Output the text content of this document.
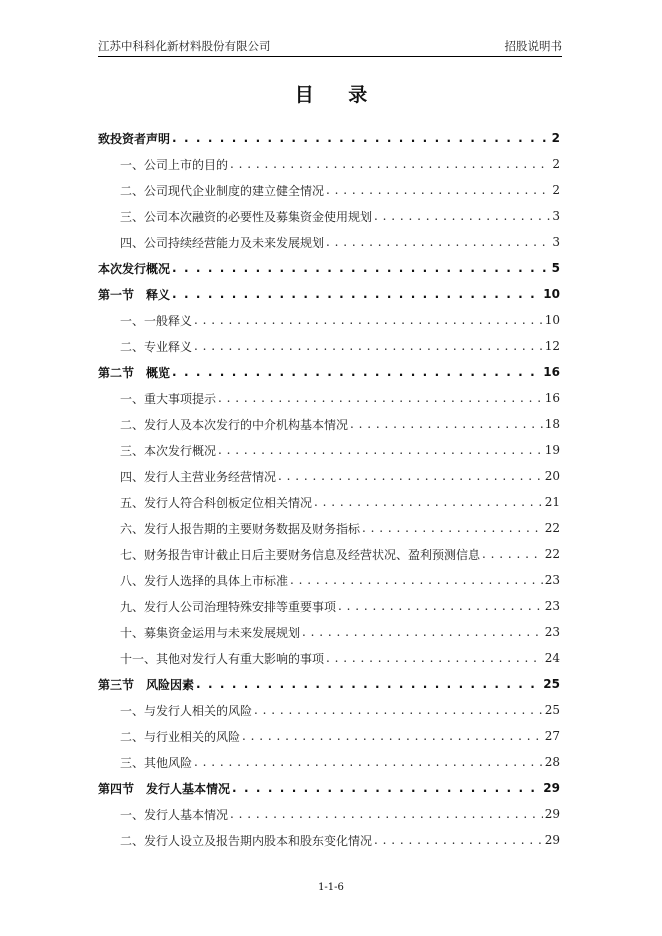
江苏中科科化新材料股份有限公司	招股说明书
目 录
致投资者声明 . . .	2
一、公司上市的目的 . . .	2
二、公司现代企业制度的建立健全情况 . . .	2
三、公司本次融资的必要性及募集资金使用规划 . . .	3
四、公司持续经营能力及未来发展规划 . . .	3
本次发行概况 . . .	5
第一节　释义 . . .	10
一、一般释义 . . .	10
二、专业释义 . . .	12
第二节　概览 . . .	16
一、重大事项提示 . . .	16
二、发行人及本次发行的中介机构基本情况 . . .	18
三、本次发行概况 . . .	19
四、发行人主营业务经营情况 . . .	20
五、发行人符合科创板定位相关情况 . . .	21
六、发行人报告期的主要财务数据及财务指标 . . .	22
七、财务报告审计截止日后主要财务信息及经营状况、盈利预测信息 . . .	22
八、发行人选择的具体上市标准 . . .	23
九、发行人公司治理特殊安排等重要事项 . . .	23
十、募集资金运用与未来发展规划 . . .	23
十一、其他对发行人有重大影响的事项 . . .	24
第三节　风险因素 . . .	25
一、与发行人相关的风险 . . .	25
二、与行业相关的风险 . . .	27
三、其他风险 . . .	28
第四节　发行人基本情况 . . .	29
一、发行人基本情况 . . .	29
二、发行人设立及报告期内股本和股东变化情况 . . .	29
1-1-6
